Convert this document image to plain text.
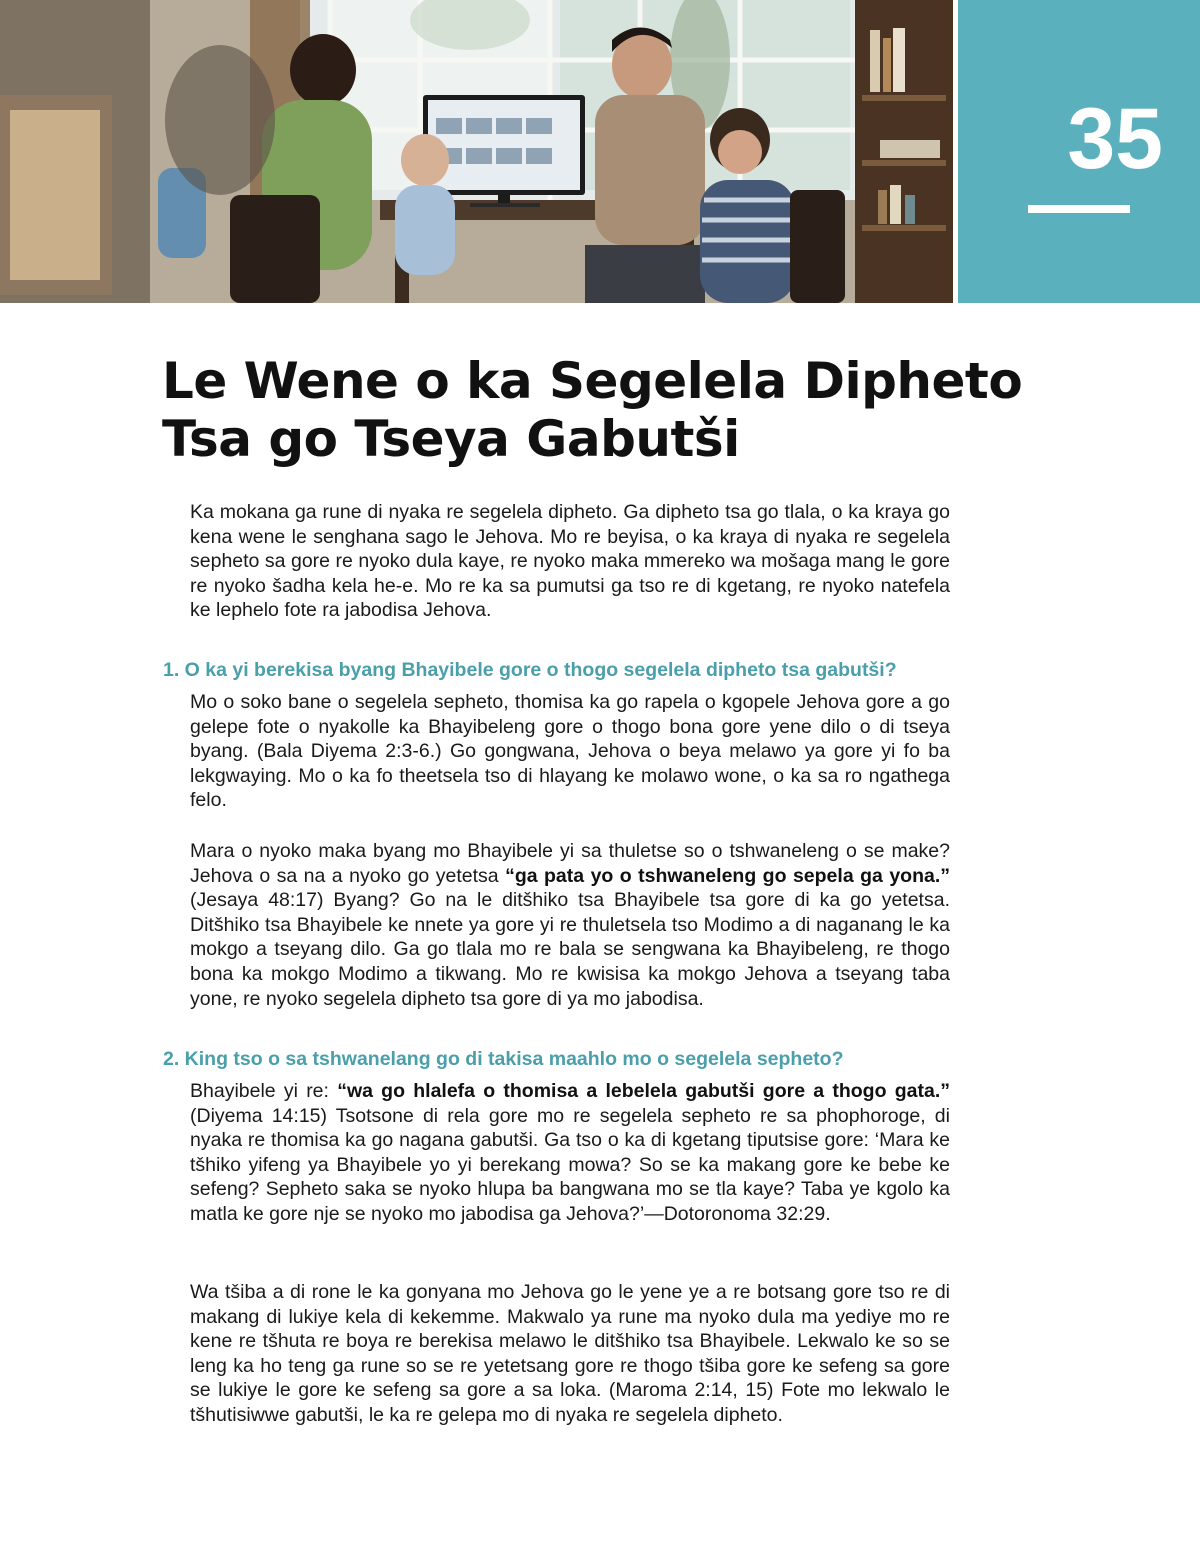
35
Le Wene o ka Segelela Dipheto
Tsa go Tseya Gabutši

Ka mokana ga rune di nyaka re segelela dipheto. Ga dipheto tsa go tlala, o ka kraya go kena wene le senghana sago le Jehova. Mo re beyisa, o ka kraya di nyaka re segelela sepheto sa gore re nyoko dula kaye, re nyoko maka mmereko wa mošaga mang le gore re nyoko šadha kela he-e. Mo re ka sa pumutsi ga tso re di kgetang, re nyoko natefela ke lephelo fote ra jabodisa Jehova.

1. O ka yi berekisa byang Bhayibele gore o thogo segelela dipheto tsa gabutši?

Mo o soko bane o segelela sepheto, thomisa ka go rapela o kgopele Jehova gore a go gelepe fote o nyakolle ka Bhayibeleng gore o thogo bona gore yene dilo o di tseya byang. (Bala Diyema 2:3-6.) Go gongwana, Jehova o beya melawo ya gore yi fo ba lekgwaying. Mo o ka fo theetsela tso di hlayang ke molawo wone, o ka sa ro ngathega felo.

Mara o nyoko maka byang mo Bhayibele yi sa thuletse so o tshwaneleng o se make? Jehova o sa na a nyoko go yetetsa “ga pata yo o tshwaneleng go sepela ga yona.” (Jesaya 48:17) Byang? Go na le ditšhiko tsa Bhayibele tsa gore di ka go yetetsa. Ditšhiko tsa Bhayibele ke nnete ya gore yi re thuletsela tso Modimo a di naganang le ka mokgo a tseyang dilo. Ga go tlala mo re bala se sengwana ka Bhayibeleng, re thogo bona ka mokgo Modimo a tikwang. Mo re kwisisa ka mokgo Jehova a tseyang taba yone, re nyoko segelela dipheto tsa gore di ya mo jabodisa.

2. King tso o sa tshwanelang go di takisa maahlo mo o segelela sepheto?

Bhayibele yi re: “wa go hlalefa o thomisa a lebelela gabutši gore a thogo gata.” (Diyema 14:15) Tsotsone di rela gore mo re segelela sepheto re sa phophoroge, di nyaka re thomisa ka go nagana gabutši. Ga tso o ka di kgetang tiputsise gore: ‘Mara ke tšhiko yifeng ya Bhayibele yo yi berekang mowa? So se ka makang gore ke bebe ke sefeng? Sepheto saka se nyoko hlupa ba bangwana mo se tla kaye? Taba ye kgolo ka matla ke gore nje se nyoko mo jabodisa ga Jehova?’—Dotoronoma 32:29.

Wa tšiba a di rone le ka gonyana mo Jehova go le yene ye a re botsang gore tso re di makang di lukiye kela di kekemme. Makwalo ya rune ma nyoko dula ma yediye mo re kene re tšhuta re boya re berekisa melawo le ditšhiko tsa Bhayibele. Lekwalo ke so se leng ka ho teng ga rune so se re yetetsang gore re thogo tšiba gore ke sefeng sa gore se lukiye le gore ke sefeng sa gore a sa loka. (Maroma 2:14, 15) Fote mo lekwalo le tšhutisiwwe gabutši, le ka re gelepa mo di nyaka re segelela dipheto.
